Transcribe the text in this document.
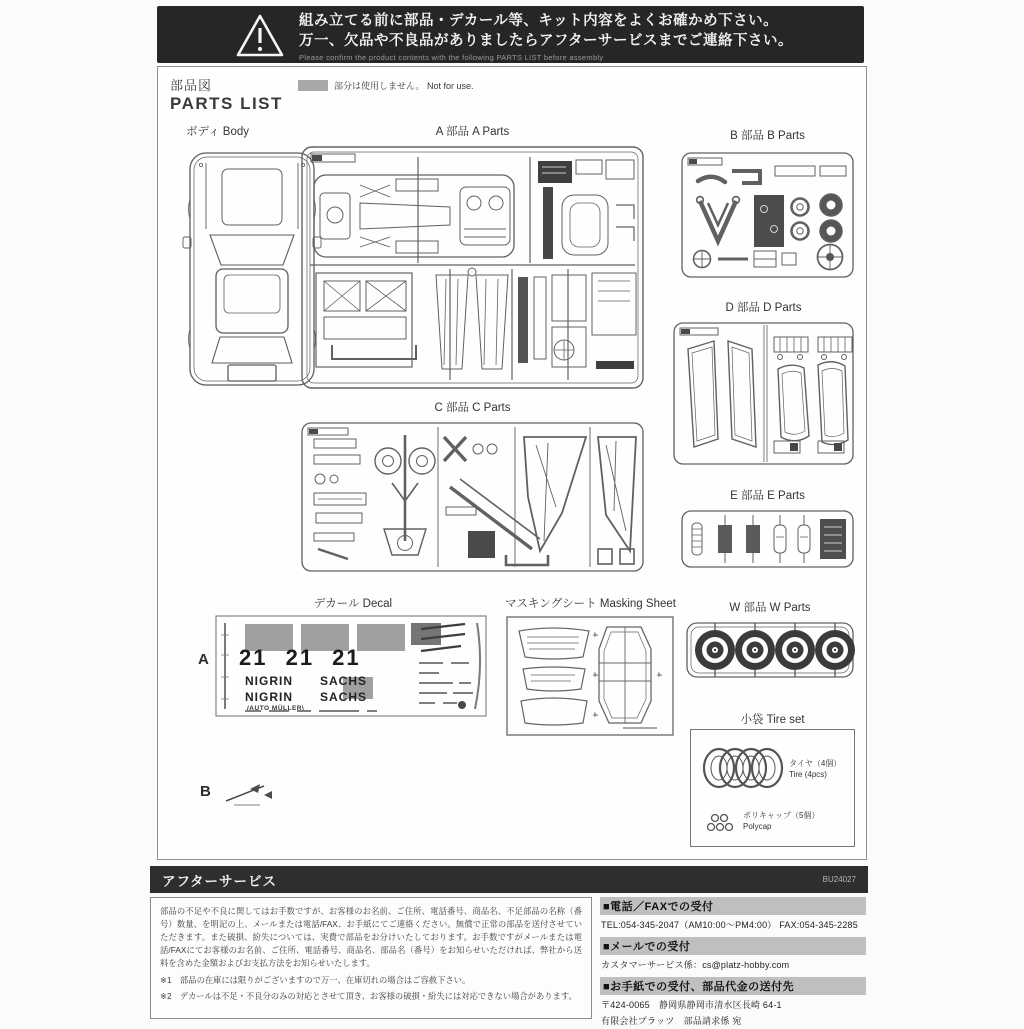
組み立てる前に部品・デカール等、キット内容をよくお確かめ下さい。
万一、欠品や不良品がありましたらアフターサービスまでご連絡下さい。
Please confirm the product contents with the following PARTS LIST before assembly
部品図
PARTS LIST
部分は使用しません。 Not for use.
ボディ Body	A 部品 A Parts	B 部品 B Parts
D 部品 D Parts
C 部品 C Parts
E 部品 E Parts
デカール Decal
A 21 21 21
NIGRIN SACHS
NIGRIN SACHS
/AUTO MÜLLER\
マスキングシート Masking Sheet	W 部品 W Parts
小袋 Tire set
タイヤ（4個）
Tire (4pcs)
ポリキャップ（5個）
Polycap
B
アフターサービス	BU24027
部品の不足や不良に関してはお手数ですが、お客様のお名前、ご住所、電話番号、商品名、不足部品の名称（番号）数量、を明記の上、メールまたは電話/FAX、お手紙にてご連絡ください。無償で正常の部品を送付させていただきます。また破損、紛失については、実費で部品をお分けいたしております。お手数ですがメールまたは電話/FAXにてお客様のお名前、ご住所、電話番号、商品名、部品名（番号）をお知らせいただければ、弊社から送料を含めた金額およびお支払方法をお知らせいたします。
※1　部品の在庫には限りがございますので万一、在庫切れの場合はご容赦下さい。
※2　デカールは不足・不良分のみの対応とさせて頂き、お客様の破損・紛失には対応できない場合があります。
■電話／FAXでの受付
TEL:054-345-2047（AM10:00～PM4:00） FAX:054-345-2285
■メールでの受付
カスタマーサービス係：cs@platz-hobby.com
■お手紙での受付、部品代金の送付先
〒424-0065　静岡県静岡市清水区長崎 64-1
有限会社プラッツ　部品請求係 宛
